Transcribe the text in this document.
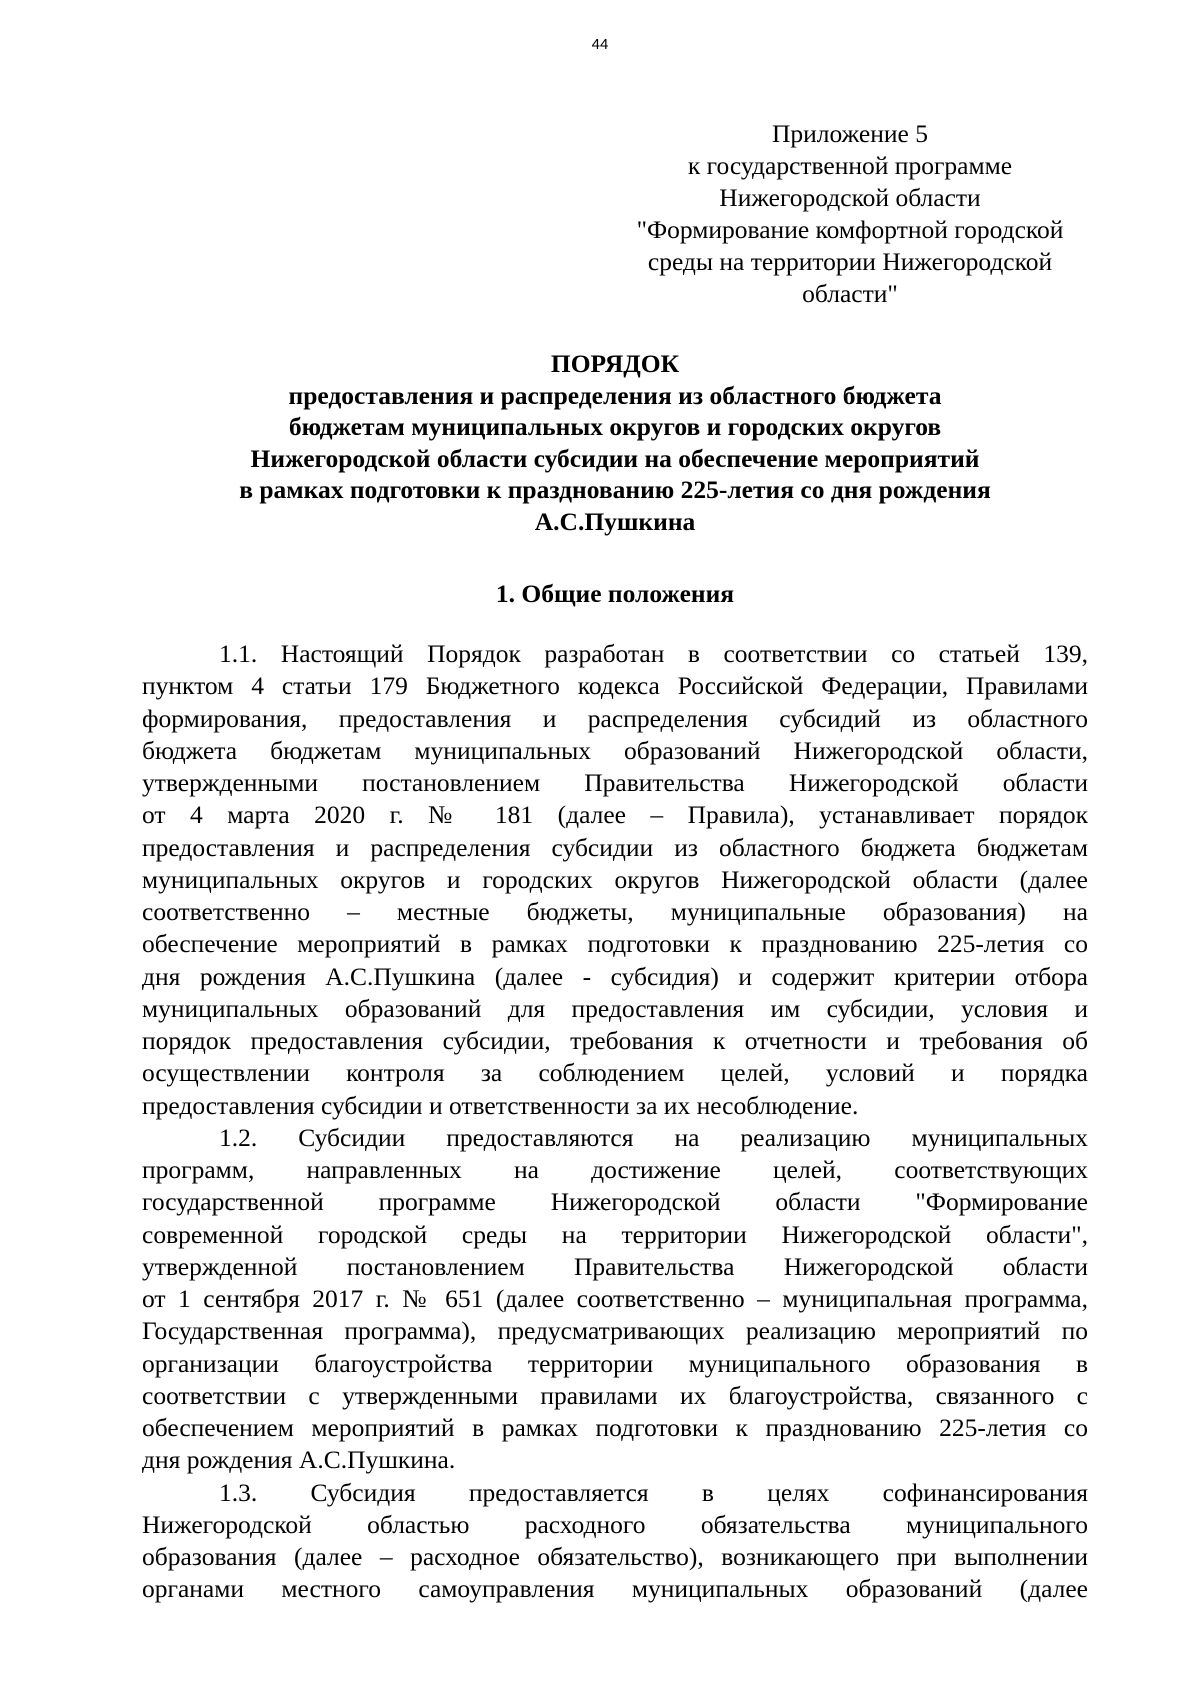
44
Приложение 5
к государственной программе
Нижегородской области
"Формирование комфортной городской
среды на территории Нижегородской
области"
ПОРЯДОК
предоставления и распределения из областного бюджета
бюджетам муниципальных округов и городских округов
Нижегородской области субсидии на обеспечение мероприятий
в рамках подготовки к празднованию 225-летия со дня рождения
А.С.Пушкина
1. Общие положения
1.1. Настоящий Порядок разработан в соответствии со статьей 139,
пунктом 4 статьи 179 Бюджетного кодекса Российской Федерации, Правилами
формирования, предоставления и распределения субсидий из областного
бюджета бюджетам муниципальных образований Нижегородской области,
утвержденными постановлением Правительства Нижегородской области
от 4 марта 2020 г. № 181 (далее – Правила), устанавливает порядок
предоставления и распределения субсидии из областного бюджета бюджетам
муниципальных округов и городских округов Нижегородской области (далее
соответственно – местные бюджеты, муниципальные образования) на
обеспечение мероприятий в рамках подготовки к празднованию 225-летия со
дня рождения А.С.Пушкина (далее - субсидия) и содержит критерии отбора
муниципальных образований для предоставления им субсидии, условия и
порядок предоставления субсидии, требования к отчетности и требования об
осуществлении контроля за соблюдением целей, условий и порядка
предоставления субсидии и ответственности за их несоблюдение.
1.2. Субсидии предоставляются на реализацию муниципальных
программ, направленных на достижение целей, соответствующих
государственной программе Нижегородской области "Формирование
современной городской среды на территории Нижегородской области",
утвержденной постановлением Правительства Нижегородской области
от 1 сентября 2017 г. № 651 (далее соответственно – муниципальная программа,
Государственная программа), предусматривающих реализацию мероприятий по
организации благоустройства территории муниципального образования в
соответствии с утвержденными правилами их благоустройства, связанного с
обеспечением мероприятий в рамках подготовки к празднованию 225-летия со
дня рождения А.С.Пушкина.
1.3. Субсидия предоставляется в целях софинансирования
Нижегородской областью расходного обязательства муниципального
образования (далее – расходное обязательство), возникающего при выполнении
органами местного самоуправления муниципальных образований (далее
